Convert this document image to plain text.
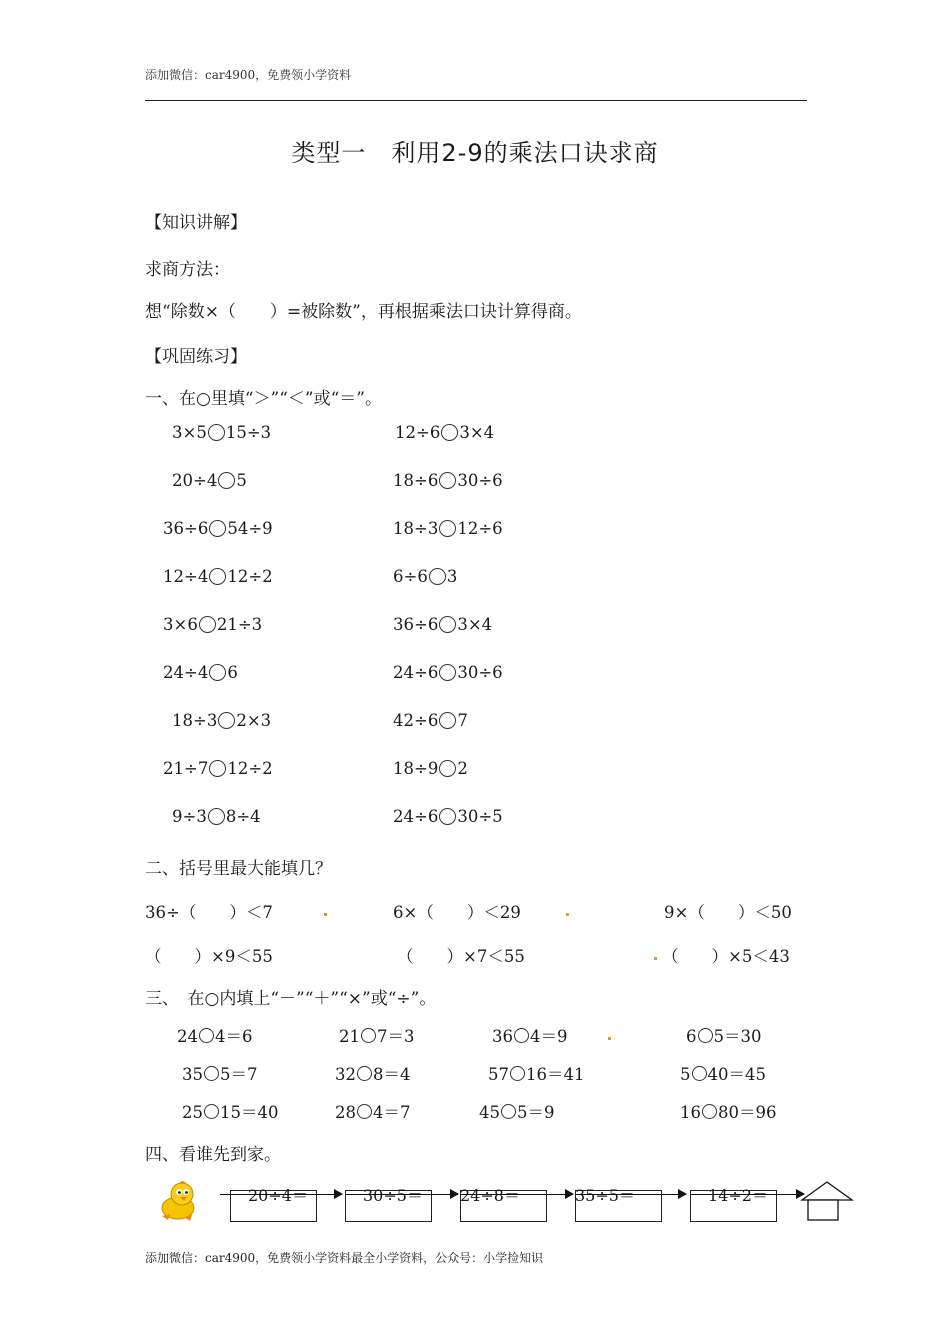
添加微信：car4900，免费领小学资料
类型一　利用2-9的乘法口诀求商
【知识讲解】
求商方法：
想“除数×（　　）=被除数”，再根据乘法口诀计算得商。
【巩固练习】
一、在○里填“＞”“＜”或“＝”。
3×5 15÷3	12÷6 3×4
20÷4 5	18÷6 30÷6
36÷6 54÷9	18÷3 12÷6
12÷4 12÷2	6÷6 3
3×6 21÷3	36÷6 3×4
24÷4 6	24÷6 30÷6
18÷3 2×3	42÷6 7
21÷7 12÷2	18÷9 2
9÷3 8÷4	24÷6 30÷5
二、括号里最大能填几？
36÷（　　）＜7	6×（　　）＜29	9×（　　）＜50
（　　）×9＜55	（　　）×7＜55	（　　）×5＜43
三、　在○内填上“－”“＋”“×”或“÷”。
24 4＝6	21 7＝3	36 4＝9	6 5＝30
35 5＝7	32 8＝4	57 16＝41	5 40＝45
25 15＝40	28 4＝7	45 5＝9	16 80＝96
四、看谁先到家。
20÷4＝	30÷5＝ 24÷8＝	35÷5＝	14÷2＝
添加微信：car4900，免费领小学资料最全小学资料，公众号：小学捡知识
